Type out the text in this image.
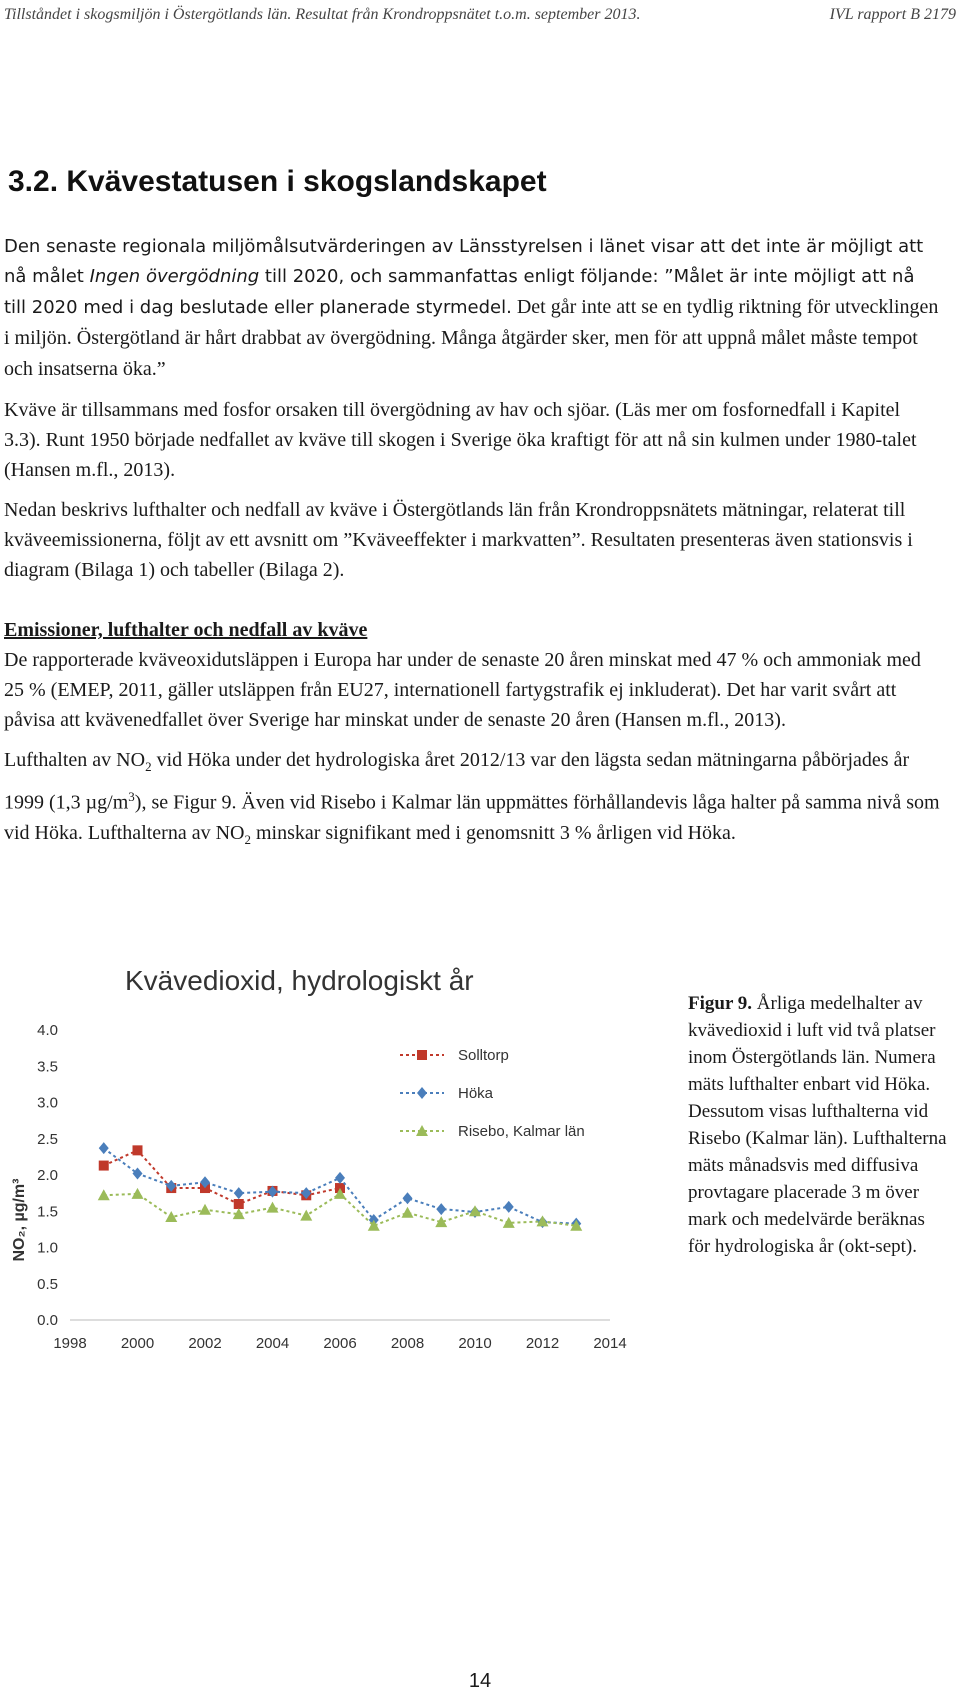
Tillståndet i skogsmiljön i Östergötlands län. Resultat från Krondroppsnätet t.o.m. september 2013.	IVL rapport B 2179
3.2. Kvävestatusen i skogslandskapet

Den senaste regionala miljömålsutvärderingen av Länsstyrelsen i länet visar att det inte är möjligt att nå målet Ingen övergödning till 2020, och sammanfattas enligt följande: ”Målet är inte möjligt att nå till 2020 med i dag beslutade eller planerade styrmedel. Det går inte att se en tydlig riktning för utvecklingen i miljön. Östergötland är hårt drabbat av övergödning. Många åtgärder sker, men för att uppnå målet måste tempot och insatserna öka.”

Kväve är tillsammans med fosfor orsaken till övergödning av hav och sjöar. (Läs mer om fosfornedfall i Kapitel 3.3). Runt 1950 började nedfallet av kväve till skogen i Sverige öka kraftigt för att nå sin kulmen under 1980-talet (Hansen m.fl., 2013).

Nedan beskrivs lufthalter och nedfall av kväve i Östergötlands län från Krondroppsnätets mätningar, relaterat till kväveemissionerna, följt av ett avsnitt om ”Kväveeffekter i markvatten”. Resultaten presenteras även stationsvis i diagram (Bilaga 1) och tabeller (Bilaga 2).

Emissioner, lufthalter och nedfall av kväve

De rapporterade kväveoxidutsläppen i Europa har under de senaste 20 åren minskat med 47 % och ammoniak med 25 % (EMEP, 2011, gäller utsläppen från EU27, internationell fartygstrafik ej inkluderat). Det har varit svårt att påvisa att kvävenedfallet över Sverige har minskat under de senaste 20 åren (Hansen m.fl., 2013).

Lufthalten av $NO_2$ vid Höka under det hydrologiska året 2012/13 var den lägsta sedan mätningarna påbörjades år 1999 (1,3 $\mu g/m^3$), se Figur 9. Även vid Risebo i Kalmar län uppmättes förhållandevis låga halter på samma nivå som vid Höka. Lufthalterna av $NO_2$ minskar signifikant med i genomsnitt 3 % årligen vid Höka.

Kvävedioxid, hydrologiskt år
NO₂, µg/m³
1998 2000 2002 2004 2006 2008 2010 2012 2014
0.0
0.5
1.0
1.5
2.0
2.5
3.0
3.5
4.0
Solltorp
Höka
Risebo, Kalmar län
Figur 9. Årliga medelhalter av kvävedioxid i luft vid två platser inom Östergötlands län. Numera mäts lufthalter enbart vid Höka. Dessutom visas lufthalterna vid Risebo (Kalmar län). Lufthalterna mäts månadsvis med diffusiva provtagare placerade 3 m över mark och medelvärde beräknas för hydrologiska år (okt-sept).
14
